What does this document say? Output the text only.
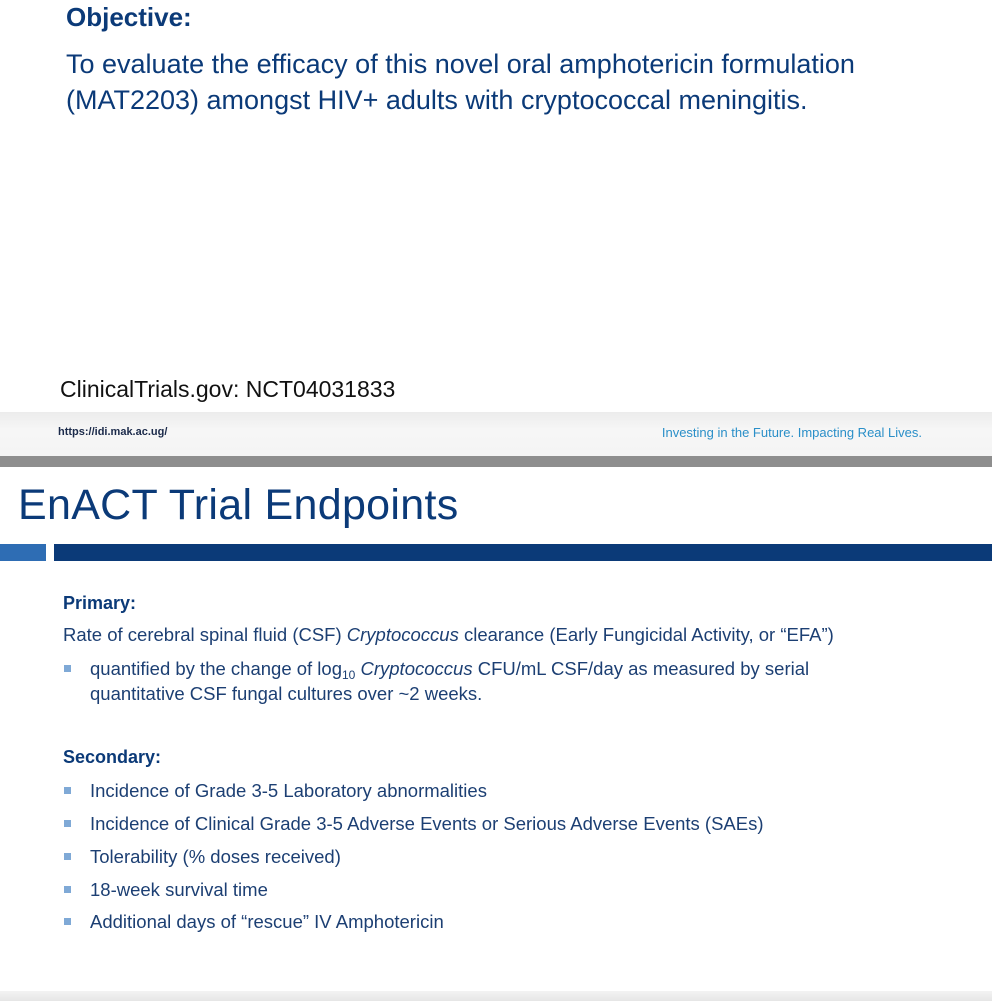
Objective:
To evaluate the efficacy of this novel oral amphotericin formulation
(MAT2203) amongst HIV+ adults with cryptococcal meningitis.
ClinicalTrials.gov: NCT04031833
https://idi.mak.ac.ug/	Investing in the Future. Impacting Real Lives.
EnACT Trial Endpoints
Primary:
Rate of cerebral spinal fluid (CSF) Cryptococcus clearance (Early Fungicidal Activity, or “EFA”)
quantified by the change of $\log_{10}$ Cryptococcus CFU/mL CSF/day as measured by serial
quantitative CSF fungal cultures over ~2 weeks.
Secondary:
Incidence of Grade 3-5 Laboratory abnormalities
Incidence of Clinical Grade 3-5 Adverse Events or Serious Adverse Events (SAEs)
Tolerability (% doses received)
18-week survival time
Additional days of “rescue” IV Amphotericin
